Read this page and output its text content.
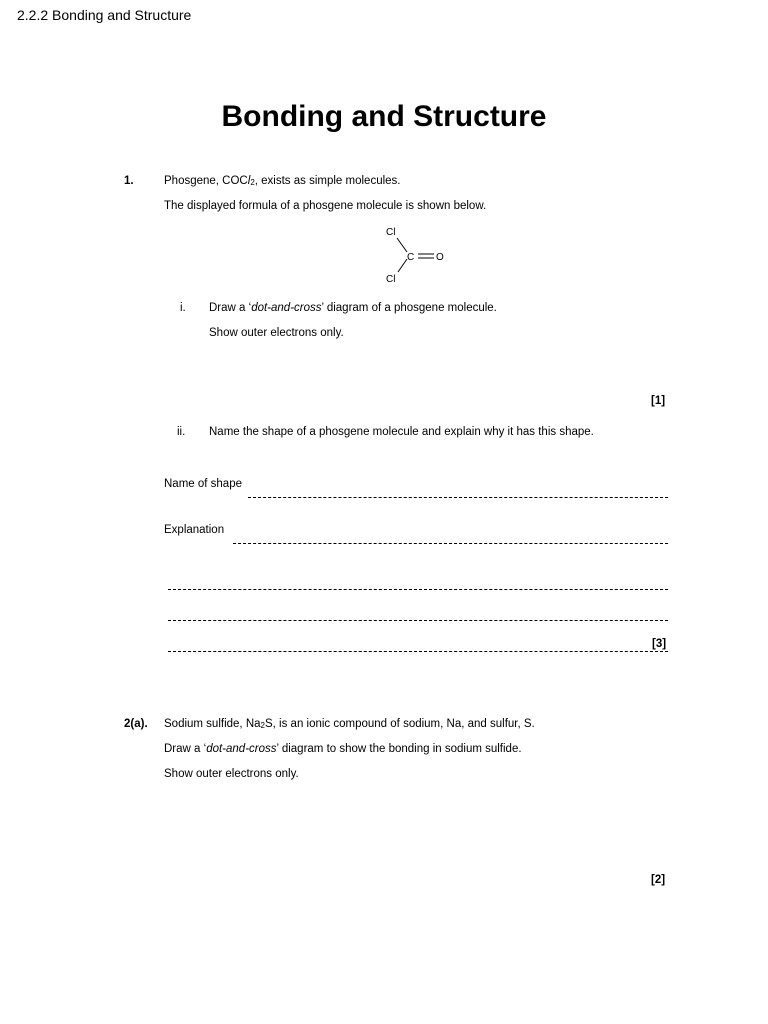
2.2.2 Bonding and Structure
Bonding and Structure
1.	Phosgene, COCl$_2$, exists as simple molecules.
The displayed formula of a phosgene molecule is shown below.
Cl
C O
Cl
i. Draw a ‘dot-and-cross’ diagram of a phosgene molecule.
Show outer electrons only.
[1]
ii. Name the shape of a phosgene molecule and explain why it has this shape.
Name of shape
Explanation
[3]
2(a). Sodium sulfide, $Na_2S$, is an ionic compound of sodium, Na, and sulfur, S.
Draw a ‘dot-and-cross’ diagram to show the bonding in sodium sulfide.
Show outer electrons only.
[2]
